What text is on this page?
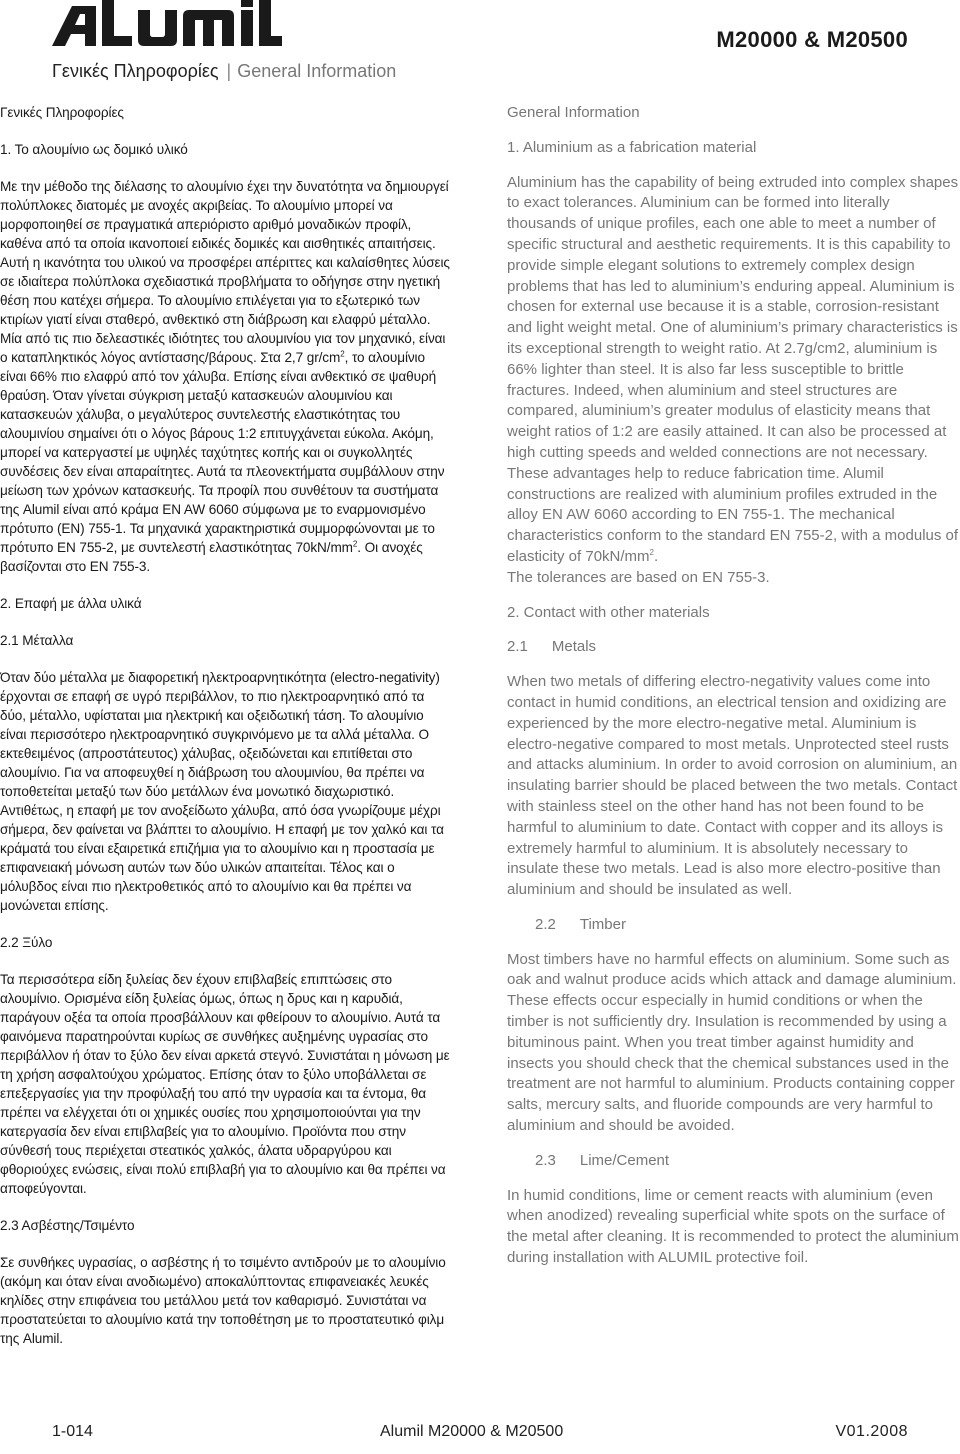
Γενικές Πληροφορίες | General Information
M20000 & M20500

Γενικές Πληροφορίες

1. Το αλουμίνιο ως δομικό υλικό

Με την μέθοδο της διέλασης το αλουμίνιο έχει την δυνατότητα να δημιουργεί πολύπλοκες διατομές με ανοχές ακριβείας. Το αλουμίνιο μπορεί να μορφοποιηθεί σε πραγματικά απεριόριστο αριθμό μοναδικών προφίλ, καθένα από τα οποία ικανοποιεί ειδικές δομικές και αισθητικές απαιτήσεις. Αυτή η ικανότητα του υλικού να προσφέρει απέριττες και καλαίσθητες λύσεις σε ιδιαίτερα πολύπλοκα σχεδιαστικά προβλήματα το οδήγησε στην ηγετική θέση που κατέχει σήμερα. Το αλουμίνιο επιλέγεται για το εξωτερικό των κτιρίων γιατί είναι σταθερό, ανθεκτικό στη διάβρωση και ελαφρύ μέταλλο. Μία από τις πιο δελεαστικές ιδιότητες του αλουμινίου για τον μηχανικό, είναι ο καταπληκτικός λόγος αντίστασης/βάρους. Στα 2,7 $gr/cm^2$, το αλουμίνιο είναι 66% πιο ελαφρύ από τον χάλυβα. Επίσης είναι ανθεκτικό σε ψαθυρή θραύση. Όταν γίνεται σύγκριση μεταξύ κατασκευών αλουμινίου και κατασκευών χάλυβα, ο μεγαλύτερος συντελεστής ελαστικότητας του αλουμινίου σημαίνει ότι ο λόγος βάρους 1:2 επιτυγχάνεται εύκολα. Ακόμη, μπορεί να κατεργαστεί με υψηλές ταχύτητες κοπής και οι συγκολλητές συνδέσεις δεν είναι απαραίτητες. Αυτά τα πλεονεκτήματα συμβάλλουν στην μείωση των χρόνων κατασκευής. Τα προφίλ που συνθέτουν τα συστήματα της Alumil είναι από κράμα EN AW 6060 σύμφωνα με το εναρμονισμένο πρότυπο (EN) 755-1. Τα μηχανικά χαρακτηριστικά συμμορφώνονται με το πρότυπο EN 755-2, με συντελεστή ελαστικότητας $70kN/mm^2$. Οι ανοχές βασίζονται στο EN 755-3.

2. Επαφή με άλλα υλικά

2.1 Μέταλλα

Όταν δύο μέταλλα με διαφορετική ηλεκτροαρνητικότητα (electro-negativity) έρχονται σε επαφή σε υγρό περιβάλλον, το πιο ηλεκτροαρνητικό από τα δύο, μέταλλο, υφίσταται μια ηλεκτρική και οξειδωτική τάση. Το αλουμίνιο είναι περισσότερο ηλεκτροαρνητικό συγκρινόμενο με τα αλλά μέταλλα. Ο εκτεθειμένος (απροστάτευτος) χάλυβας, οξειδώνεται και επιτίθεται στο αλουμίνιο. Για να αποφευχθεί η διάβρωση του αλουμινίου, θα πρέπει να τοποθετείται μεταξύ των δύο μετάλλων ένα μονωτικό διαχωριστικό. Αντιθέτως, η επαφή με τον ανοξείδωτο χάλυβα, από όσα γνωρίζουμε μέχρι σήμερα, δεν φαίνεται να βλάπτει το αλουμίνιο. Η επαφή με τον χαλκό και τα κράματά του είναι εξαιρετικά επιζήμια για το αλουμίνιο και η προστασία με επιφανειακή μόνωση αυτών των δύο υλικών απαιτείται. Τέλος και ο μόλυβδος είναι πιο ηλεκτροθετικός από το αλουμίνιο και θα πρέπει να μονώνεται επίσης.

2.2 Ξύλο

Τα περισσότερα είδη ξυλείας δεν έχουν επιβλαβείς επιπτώσεις στο αλουμίνιο. Ορισμένα είδη ξυλείας όμως, όπως η δρυς και η καρυδιά, παράγουν οξέα τα οποία προσβάλλουν και φθείρουν το αλουμίνιο. Αυτά τα φαινόμενα παρατηρούνται κυρίως σε συνθήκες αυξημένης υγρασίας στο περιβάλλον ή όταν το ξύλο δεν είναι αρκετά στεγνό. Συνιστάται η μόνωση με τη χρήση ασφαλτούχου χρώματος. Επίσης όταν το ξύλο υποβάλλεται σε επεξεργασίες για την προφύλαξή του από την υγρασία και τα έντομα, θα πρέπει να ελέγχεται ότι οι χημικές ουσίες που χρησιμοποιούνται για την κατεργασία δεν είναι επιβλαβείς για το αλουμίνιο. Προϊόντα που στην σύνθεσή τους περιέχεται στεατικός χαλκός, άλατα υδραργύρου και φθοριούχες ενώσεις, είναι πολύ επιβλαβή για το αλουμίνιο και θα πρέπει να αποφεύγονται.

2.3 Ασβέστης/Τσιμέντο

Σε συνθήκες υγρασίας, ο ασβέστης ή το τσιμέντο αντιδρούν με το αλουμίνιο (ακόμη και όταν είναι ανοδιωμένο) αποκαλύπτοντας επιφανειακές λευκές κηλίδες στην επιφάνεια του μετάλλου μετά τον καθαρισμό. Συνιστάται να προστατεύεται το αλουμίνιο κατά την τοποθέτηση με το προστατευτικό φιλμ της Alumil.

General Information

1. Aluminium as a fabrication material

Aluminium has the capability of being extruded into complex shapes to exact tolerances. Aluminium can be formed into literally thousands of unique profiles, each one able to meet a number of specific structural and aesthetic requirements. It is this capability to provide simple elegant solutions to extremely complex design problems that has led to aluminium’s enduring appeal. Aluminium is chosen for external use because it is a stable, corrosion-resistant and light weight metal. One of aluminium’s primary characteristics is its exceptional strength to weight ratio. At 2.7g/cm2, aluminium is 66% lighter than steel. It is also far less susceptible to brittle fractures. Indeed, when aluminium and steel structures are compared, aluminium’s greater modulus of elasticity means that weight ratios of 1:2 are easily attained. It can also be processed at high cutting speeds and welded connections are not necessary. These advantages help to reduce fabrication time. Alumil constructions are realized with aluminium profiles extruded in the alloy EN AW 6060 according to EN 755-1. The mechanical characteristics conform to the standard EN 755-2, with a modulus of elasticity of $70kN/mm^2$.

The tolerances are based on EN 755-3.

2. Contact with other materials

2.1 Metals

When two metals of differing electro-negativity values come into contact in humid conditions, an electrical tension and oxidizing are experienced by the more electro-negative metal. Aluminium is electro-negative compared to most metals. Unprotected steel rusts and attacks aluminium. In order to avoid corrosion on aluminium, an insulating barrier should be placed between the two metals. Contact with stainless steel on the other hand has not been found to be harmful to aluminium to date. Contact with copper and its alloys is extremely harmful to aluminium. It is absolutely necessary to insulate these two metals. Lead is also more electro-positive than aluminium and should be insulated as well.

2.2 Timber

Most timbers have no harmful effects on aluminium. Some such as oak and walnut produce acids which attack and damage aluminium. These effects occur especially in humid conditions or when the timber is not sufficiently dry. Insulation is recommended by using a bituminous paint. When you treat timber against humidity and insects you should check that the chemical substances used in the treatment are not harmful to aluminium. Products containing copper salts, mercury salts, and fluoride compounds are very harmful to aluminium and should be avoided.

2.3 Lime/Cement

In humid conditions, lime or cement reacts with aluminium (even when anodized) revealing superficial white spots on the surface of the metal after cleaning. It is recommended to protect the aluminium during installation with ALUMIL protective foil.

1-014	Alumil M20000 & M20500	V01.2008
